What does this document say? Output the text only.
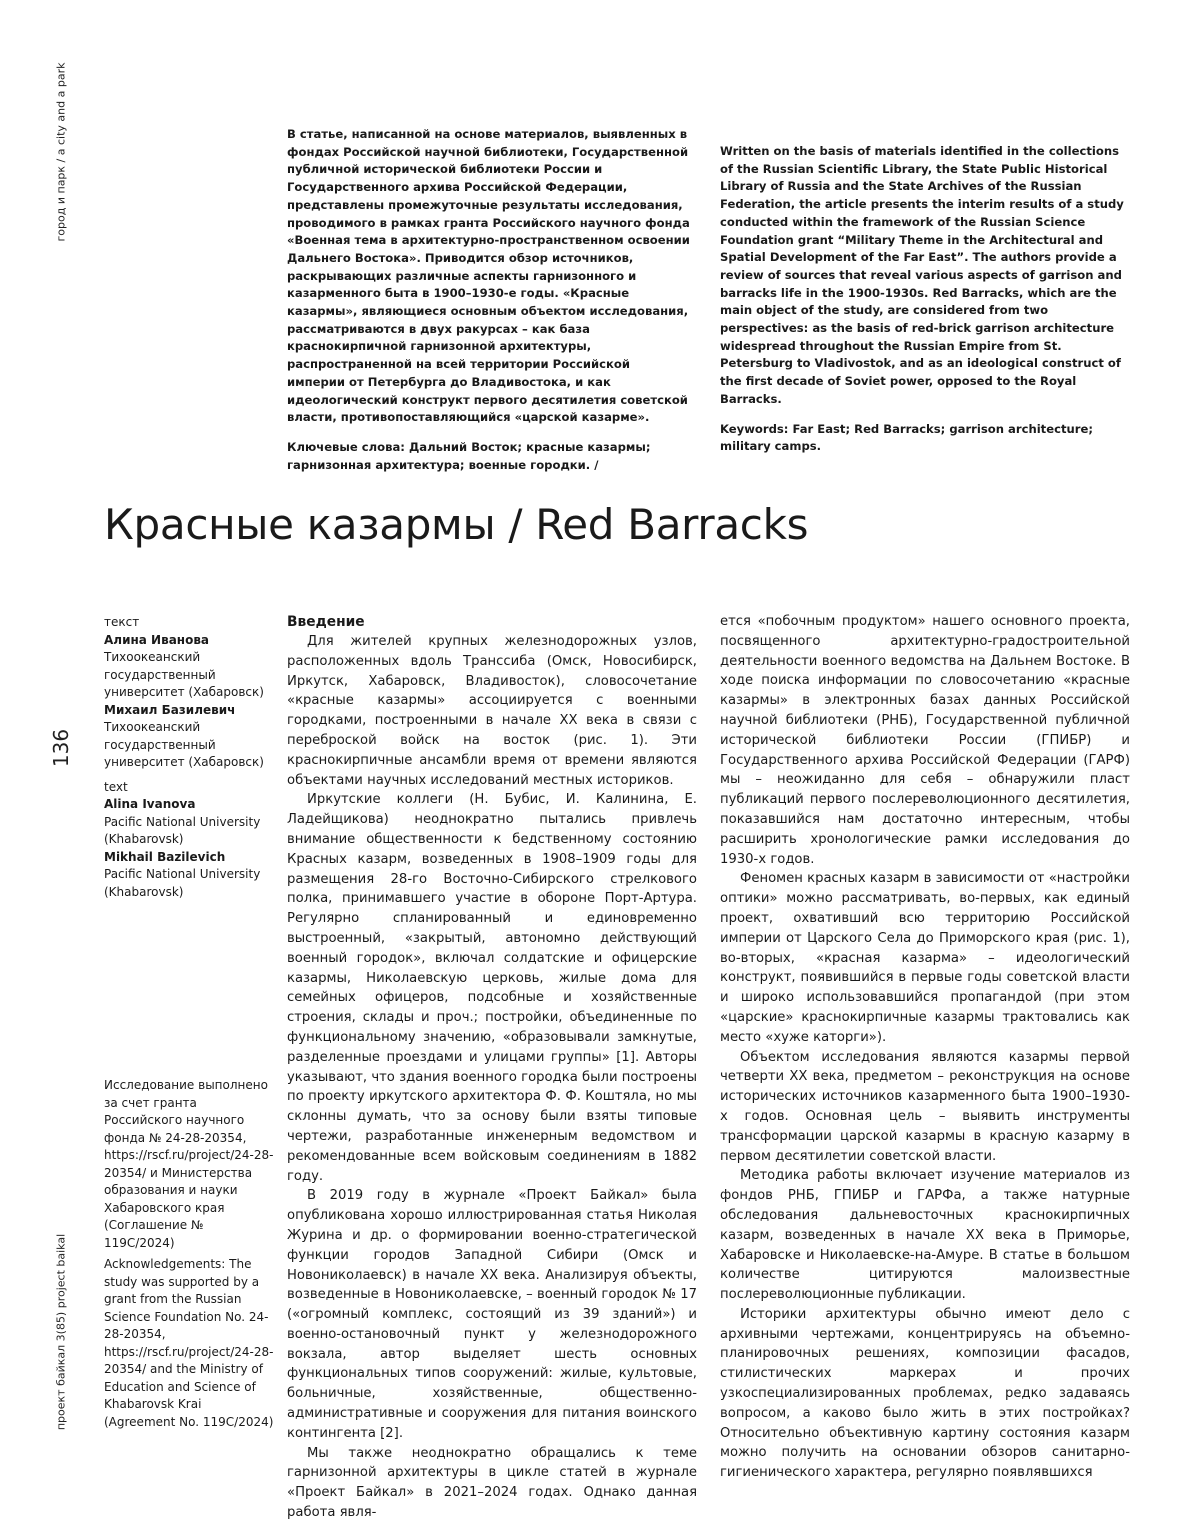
город и парк / a city and a park
136
проект байкал 3(85) project baikal

В статье, написанной на основе материалов, выявленных в фондах Российской научной библиотеки, Государственной публичной исторической библиотеки России и Государственного архива Российской Федерации, представлены промежуточные результаты исследования, проводимого в рамках гранта Российского научного фонда «Военная тема в архитектурно-пространственном освоении Дальнего Востока». Приводится обзор источников, раскрывающих различные аспекты гарнизонного и казарменного быта в 1900–1930-е годы. «Красные казармы», являющиеся основным объектом исследования, рассматриваются в двух ракурсах – как база краснокирпичной гарнизонной архитектуры, распространенной на всей территории Российской империи от Петербурга до Владивостока, и как идеологический конструкт первого десятилетия советской власти, противопоставляющийся «царской казарме».

Ключевые слова: Дальний Восток; красные казармы; гарнизонная архитектура; военные городки. /

Written on the basis of materials identified in the collections of the Russian Scientific Library, the State Public Historical Library of Russia and the State Archives of the Russian Federation, the article presents the interim results of a study conducted within the framework of the Russian Science Foundation grant “Military Theme in the Architectural and Spatial Development of the Far East”. The authors provide a review of sources that reveal various aspects of garrison and barracks life in the 1900-1930s. Red Barracks, which are the main object of the study, are considered from two perspectives: as the basis of red-brick garrison architecture widespread throughout the Russian Empire from St. Petersburg to Vladivostok, and as an ideological construct of the first decade of Soviet power, opposed to the Royal Barracks.

Keywords: Far East; Red Barracks; garrison architecture; military camps.

Красные казармы / Red Barracks

текст

Алина Иванова

Тихоокеанский государственный университет (Хабаровск)

Михаил Базилевич

Тихоокеанский государственный университет (Хабаровск)

text

Alina Ivanova

Pacific National University (Khabarovsk)

Mikhail Bazilevich

Pacific National University (Khabarovsk)

Исследование выполнено за счет гранта Российского научного фонда № 24-28-20354, https://rscf.ru/project/24-28-20354/ и Министерства образования и науки Хабаровского края (Соглашение № 119С/2024)

Acknowledgements: The study was supported by a grant from the Russian Science Foundation No. 24-28-20354, https://rscf.ru/project/24-28-20354/ and the Ministry of Education and Science of Khabarovsk Krai (Agreement No. 119С/2024)

Введение

Для жителей крупных железнодорожных узлов, расположенных вдоль Транссиба (Омск, Новосибирск, Иркутск, Хабаровск, Владивосток), словосочетание «красные казармы» ассоциируется с военными городками, построенными в начале ХХ века в связи с переброской войск на восток (рис. 1). Эти краснокирпичные ансамбли время от времени являются объектами научных исследований местных историков.

Иркутские коллеги (Н. Бубис, И. Калинина, Е. Ладейщикова) неоднократно пытались привлечь внимание общественности к бедственному состоянию Красных казарм, возведенных в 1908–1909 годы для размещения 28-го Восточно-Сибирского стрелкового полка, принимавшего участие в обороне Порт-Артура. Регулярно спланированный и единовременно выстроенный, «закрытый, автономно действующий военный городок», включал солдатские и офицерские казармы, Николаевскую церковь, жилые дома для семейных офицеров, подсобные и хозяйственные строения, склады и проч.; постройки, объединенные по функциональному значению, «образовывали замкнутые, разделенные проездами и улицами группы» [1]. Авторы указывают, что здания военного городка были построены по проекту иркутского архитектора Ф. Ф. Коштяла, но мы склонны думать, что за основу были взяты типовые чертежи, разработанные инженерным ведомством и рекомендованные всем войсковым соединениям в 1882 году.

В 2019 году в журнале «Проект Байкал» была опубликована хорошо иллюстрированная статья Николая Журина и др. о формировании военно-стратегической функции городов Западной Сибири (Омск и Новониколаевск) в начале ХХ века. Анализируя объекты, возведенные в Новониколаевске, – военный городок № 17 («огромный комплекс, состоящий из 39 зданий») и военно-остановочный пункт у железнодорожного вокзала, автор выделяет шесть основных функциональных типов сооружений: жилые, культовые, больничные, хозяйственные, общественно-административные и сооружения для питания воинского контингента [2].

Мы также неоднократно обращались к теме гарнизонной архитектуры в цикле статей в журнале «Проект Байкал» в 2021–2024 годах. Однако данная работа явля-

ется «побочным продуктом» нашего основного проекта, посвященного архитектурно-градостроительной деятельности военного ведомства на Дальнем Востоке. В ходе поиска информации по словосочетанию «красные казармы» в электронных базах данных Российской научной библиотеки (РНБ), Государственной публичной исторической библиотеки России (ГПИБР) и Государственного архива Российской Федерации (ГАРФ) мы – неожиданно для себя – обнаружили пласт публикаций первого послереволюционного десятилетия, показавшийся нам достаточно интересным, чтобы расширить хронологические рамки исследования до 1930-х годов.

Феномен красных казарм в зависимости от «настройки оптики» можно рассматривать, во-первых, как единый проект, охвативший всю территорию Российской империи от Царского Села до Приморского края (рис. 1), во-вторых, «красная казарма» – идеологический конструкт, появившийся в первые годы советской власти и широко использовавшийся пропагандой (при этом «царские» краснокирпичные казармы трактовались как место «хуже каторги»).

Объектом исследования являются казармы первой четверти ХХ века, предметом – реконструкция на основе исторических источников казарменного быта 1900–1930-х годов. Основная цель – выявить инструменты трансформации царской казармы в красную казарму в первом десятилетии советской власти.

Методика работы включает изучение материалов из фондов РНБ, ГПИБР и ГАРФа, а также натурные обследования дальневосточных краснокирпичных казарм, возведенных в начале ХХ века в Приморье, Хабаровске и Николаевске-на-Амуре. В статье в большом количестве цитируются малоизвестные послереволюционные публикации.

Историки архитектуры обычно имеют дело с архивными чертежами, концентрируясь на объемно-планировочных решениях, композиции фасадов, стилистических маркерах и прочих узкоспециализированных проблемах, редко задаваясь вопросом, а каково было жить в этих постройках? Относительно объективную картину состояния казарм можно получить на основании обзоров санитарно-гигиенического характера, регулярно появлявшихся
